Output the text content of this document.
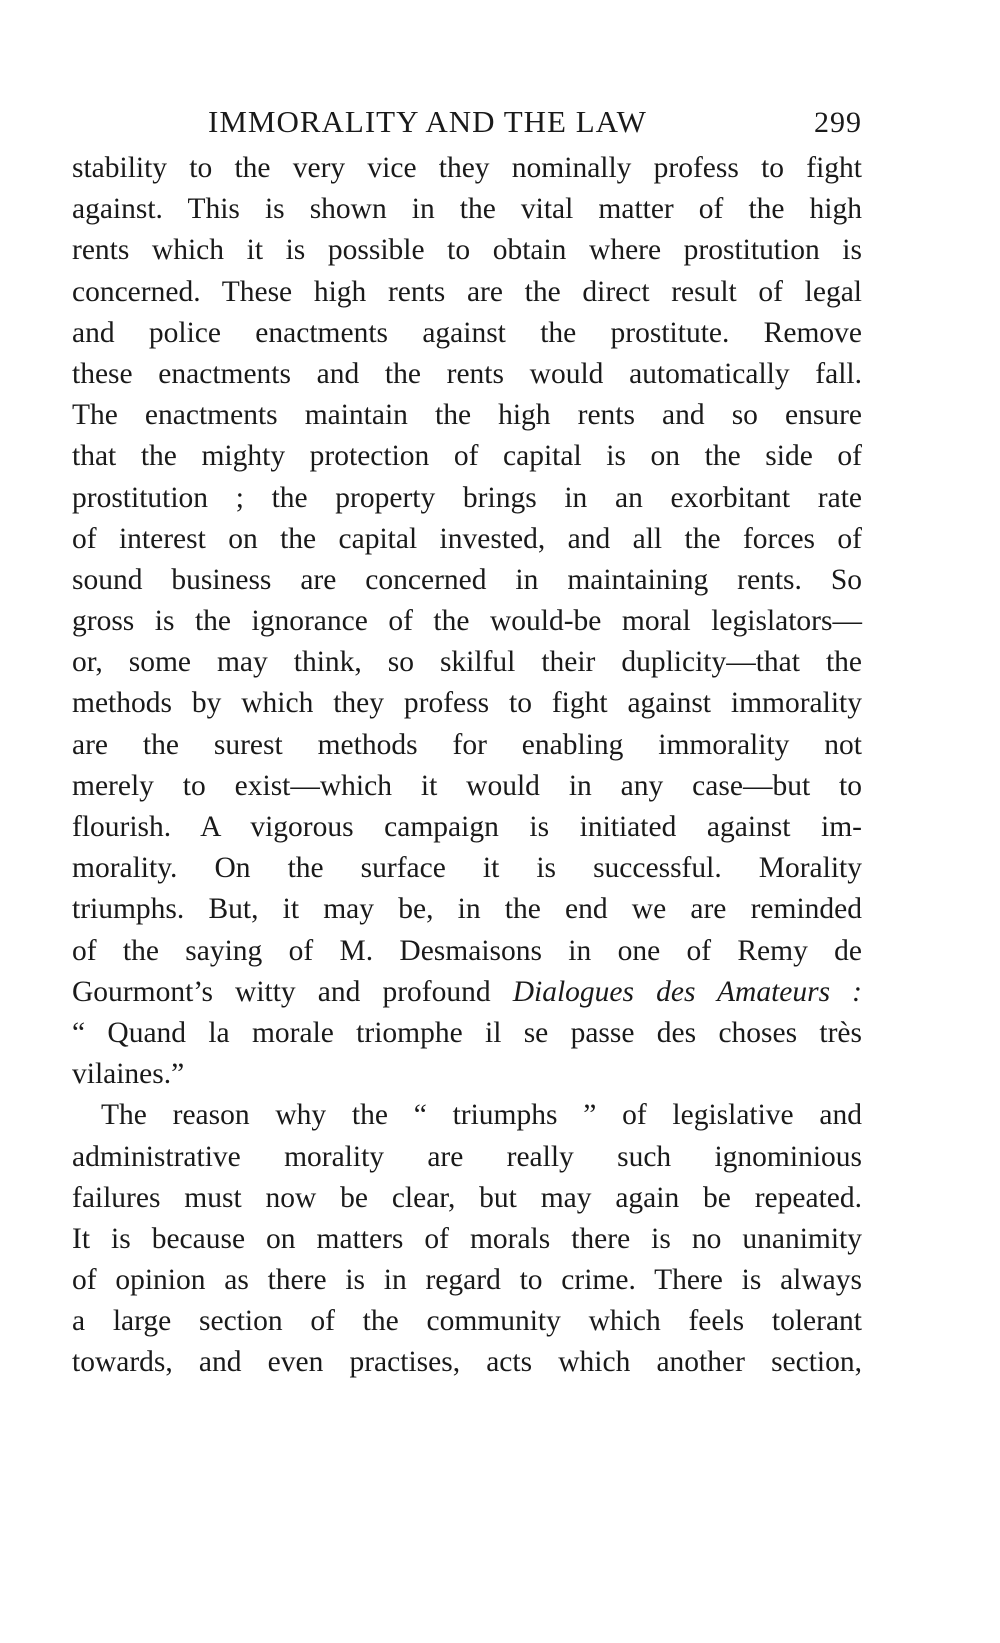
IMMORALITY AND THE LAW	299
stability to the very vice they nominally profess to fight
against. This is shown in the vital matter of the high
rents which it is possible to obtain where prostitution is
concerned. These high rents are the direct result of legal
and police enactments against the prostitute. Remove
these enactments and the rents would automatically fall.
The enactments maintain the high rents and so ensure
that the mighty protection of capital is on the side of
prostitution ; the property brings in an exorbitant rate
of interest on the capital invested, and all the forces of
sound business are concerned in maintaining rents. So
gross is the ignorance of the would-be moral legislators—
or, some may think, so skilful their duplicity—that the
methods by which they profess to fight against immorality
are the surest methods for enabling immorality not
merely to exist—which it would in any case—but to
flourish. A vigorous campaign is initiated against im-
morality. On the surface it is successful. Morality
triumphs. But, it may be, in the end we are reminded
of the saying of M. Desmaisons in one of Remy de
Gourmont’s witty and profound Dialogues des Amateurs :
“ Quand la morale triomphe il se passe des choses très
vilaines.”
The reason why the “ triumphs ” of legislative and
administrative morality are really such ignominious
failures must now be clear, but may again be repeated.
It is because on matters of morals there is no unanimity
of opinion as there is in regard to crime. There is always
a large section of the community which feels tolerant
towards, and even practises, acts which another section,
